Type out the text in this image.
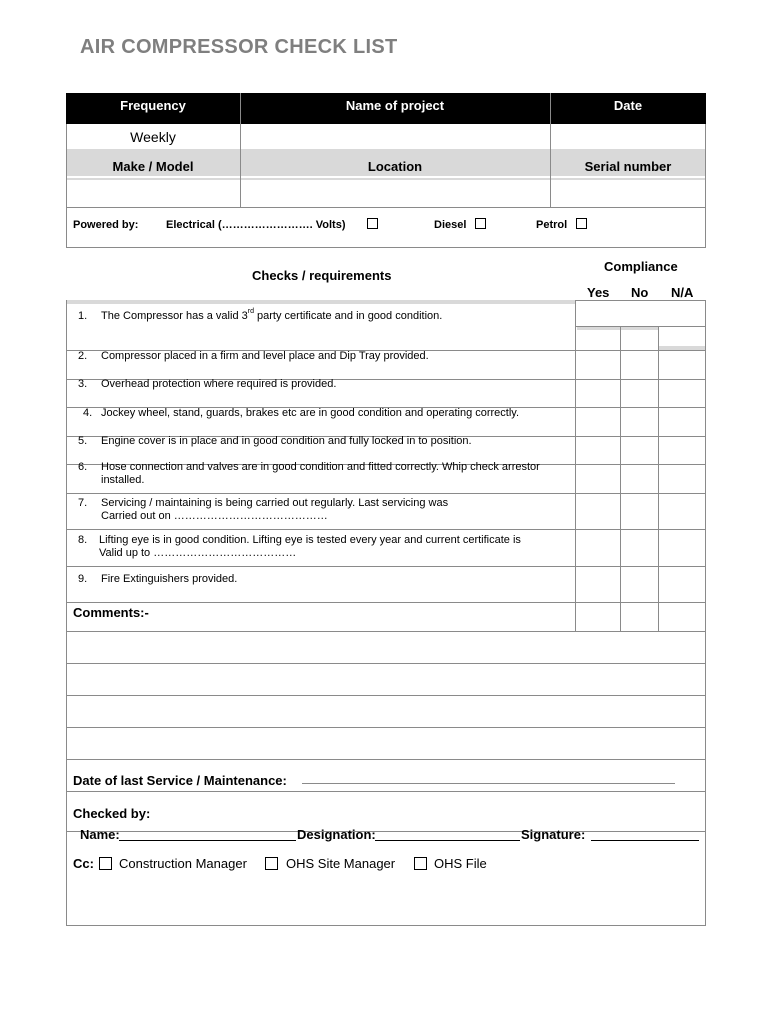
AIR COMPRESSOR CHECK LIST
Frequency	Name of project	Date
Weekly
Make / Model	Location	Serial number
Powered by:	Electrical (……………………. Volts)	Diesel	Petrol
Checks / requirements
Compliance
Yes No N/A
1. The Compressor has a valid 3rd party certificate and in good condition.
2. Compressor placed in a firm and level place and Dip Tray provided.
3. Overhead protection where required is provided.
4. Jockey wheel, stand, guards, brakes etc are in good condition and operating correctly.
5. Engine cover is in place and in good condition and fully locked in to position.
6. Hose connection and valves are in good condition and fitted correctly. Whip check arrestor
installed.
7. Servicing / maintaining is being carried out regularly. Last servicing was
Carried out on ……………………………………
8. Lifting eye is in good condition. Lifting eye is tested every year and current certificate is
Valid up to …………………………………
9. Fire Extinguishers provided.
Comments:-
Date of last Service / Maintenance:
Checked by:
Name:	Designation:	Signature:
Cc: Construction Manager	OHS Site Manager	OHS File
